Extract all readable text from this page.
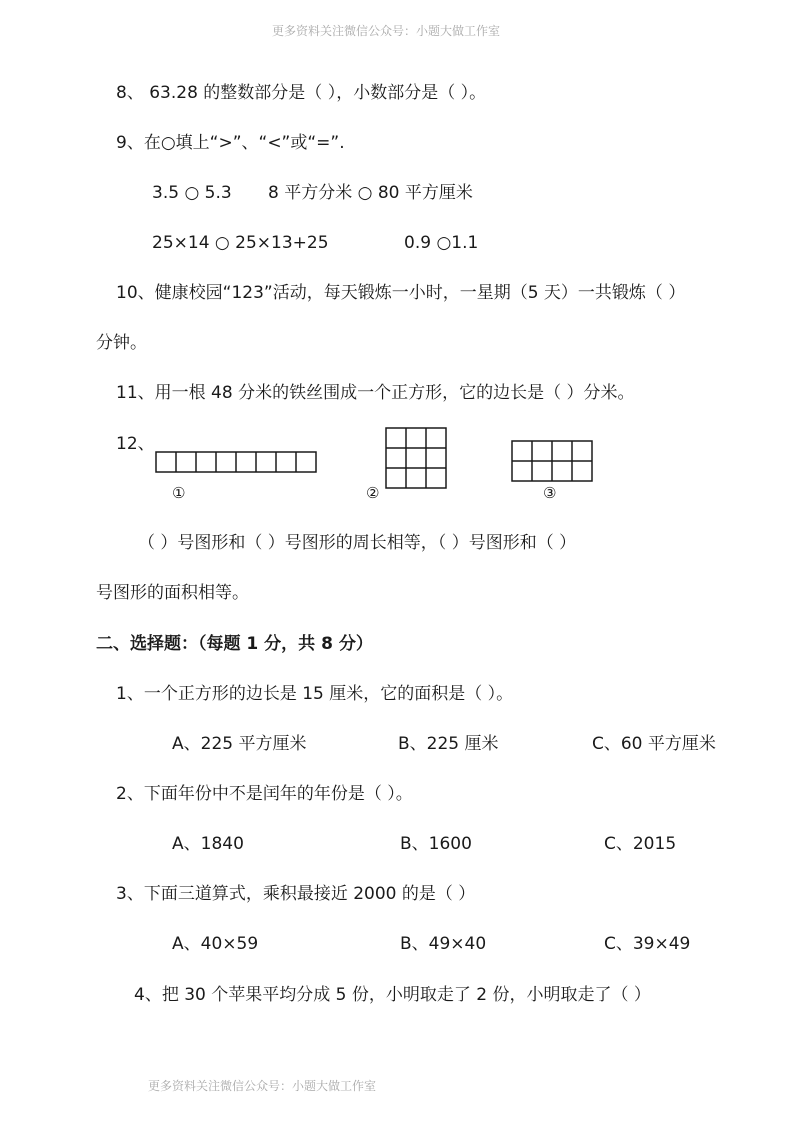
更多资料关注微信公众号：小题大做工作室
8、 63.28 的整数部分是（ ），小数部分是（ ）。
9、在○填上“>”、“<”或“=”.
3.5 ○ 5.3 8 平方分米 ○ 80 平方厘米
25×14 ○ 25×13+25	0.9 ○1.1
10、健康校园“123”活动，每天锻炼一小时，一星期（5 天）一共锻炼（ ）
分钟。
11、用一根 48 分米的铁丝围成一个正方形，它的边长是（ ）分米。
12、
①	②	③
（ ）号图形和（ ）号图形的周长相等，（ ）号图形和（ ）
号图形的面积相等。
二、选择题：（每题 1 分，共 8 分）
1、一个正方形的边长是 15 厘米，它的面积是（ ）。
A、225 平方厘米	B、225 厘米	C、60 平方厘米
2、下面年份中不是闰年的年份是（ ）。
A、1840	B、1600	C、2015
3、下面三道算式，乘积最接近 2000 的是（ ）
A、40×59	B、49×40	C、39×49
4、把 30 个苹果平均分成 5 份，小明取走了 2 份，小明取走了（ ）
更多资料关注微信公众号：小题大做工作室
